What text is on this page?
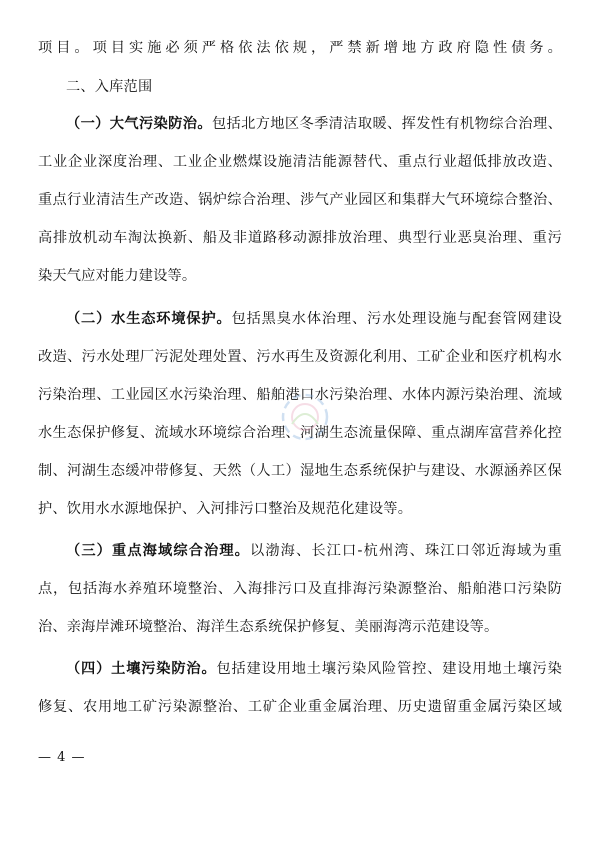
项目。项目实施必须严格依法依规，严禁新增地方政府隐性债务。
二、入库范围
（一）大气污染防治。包括北方地区冬季清洁取暖、挥发性有机物综合治理、
工业企业深度治理、工业企业燃煤设施清洁能源替代、重点行业超低排放改造、
重点行业清洁生产改造、锅炉综合治理、涉气产业园区和集群大气环境综合整治、
高排放机动车淘汰换新、船及非道路移动源排放治理、典型行业恶臭治理、重污
染天气应对能力建设等。
（二）水生态环境保护。包括黑臭水体治理、污水处理设施与配套管网建设
改造、污水处理厂污泥处理处置、污水再生及资源化利用、工矿企业和医疗机构水
污染治理、工业园区水污染治理、船舶港口水污染治理、水体内源污染治理、流域
水生态保护修复、流域水环境综合治理、河湖生态流量保障、重点湖库富营养化控
制、河湖生态缓冲带修复、天然（人工）湿地生态系统保护与建设、水源涵养区保
护、饮用水水源地保护、入河排污口整治及规范化建设等。
（三）重点海域综合治理。以渤海、长江口-杭州湾、珠江口邻近海域为重
点，包括海水养殖环境整治、入海排污口及直排海污染源整治、船舶港口污染防
治、亲海岸滩环境整治、海洋生态系统保护修复、美丽海湾示范建设等。
（四）土壤污染防治。包括建设用地土壤污染风险管控、建设用地土壤污染
修复、农用地工矿污染源整治、工矿企业重金属治理、历史遗留重金属污染区域
— 4 —
